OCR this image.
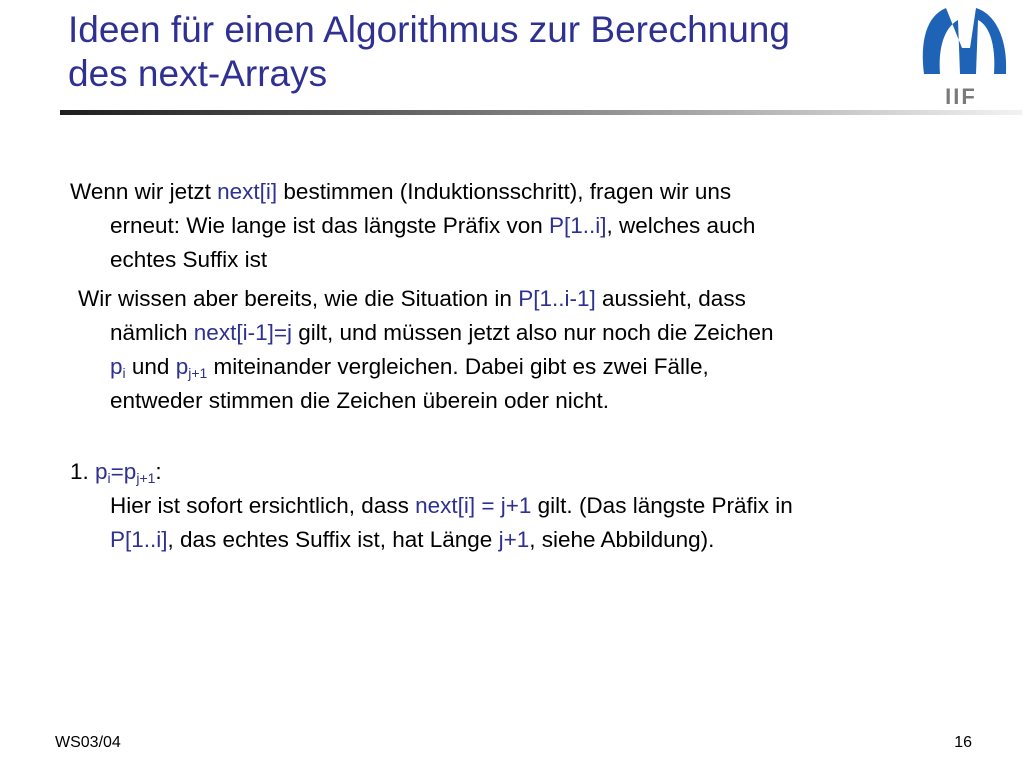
Ideen für einen Algorithmus zur Berechnung
des next-Arrays
IIF
Wenn wir jetzt next[i] bestimmen (Induktionsschritt), fragen wir uns
erneut: Wie lange ist das längste Präfix von P[1..i], welches auch
echtes Suffix ist
Wir wissen aber bereits, wie die Situation in P[1..i-1] aussieht, dass
nämlich next[i-1]=j gilt, und müssen jetzt also nur noch die Zeichen
$p_i$ und $p_{j+1}$ miteinander vergleichen. Dabei gibt es zwei Fälle,
entweder stimmen die Zeichen überein oder nicht.
1. $p_i=p_{j+1}$:
Hier ist sofort ersichtlich, dass next[i] = j+1 gilt. (Das längste Präfix in
P[1..i], das echtes Suffix ist, hat Länge j+1, siehe Abbildung).
WS03/04	16
